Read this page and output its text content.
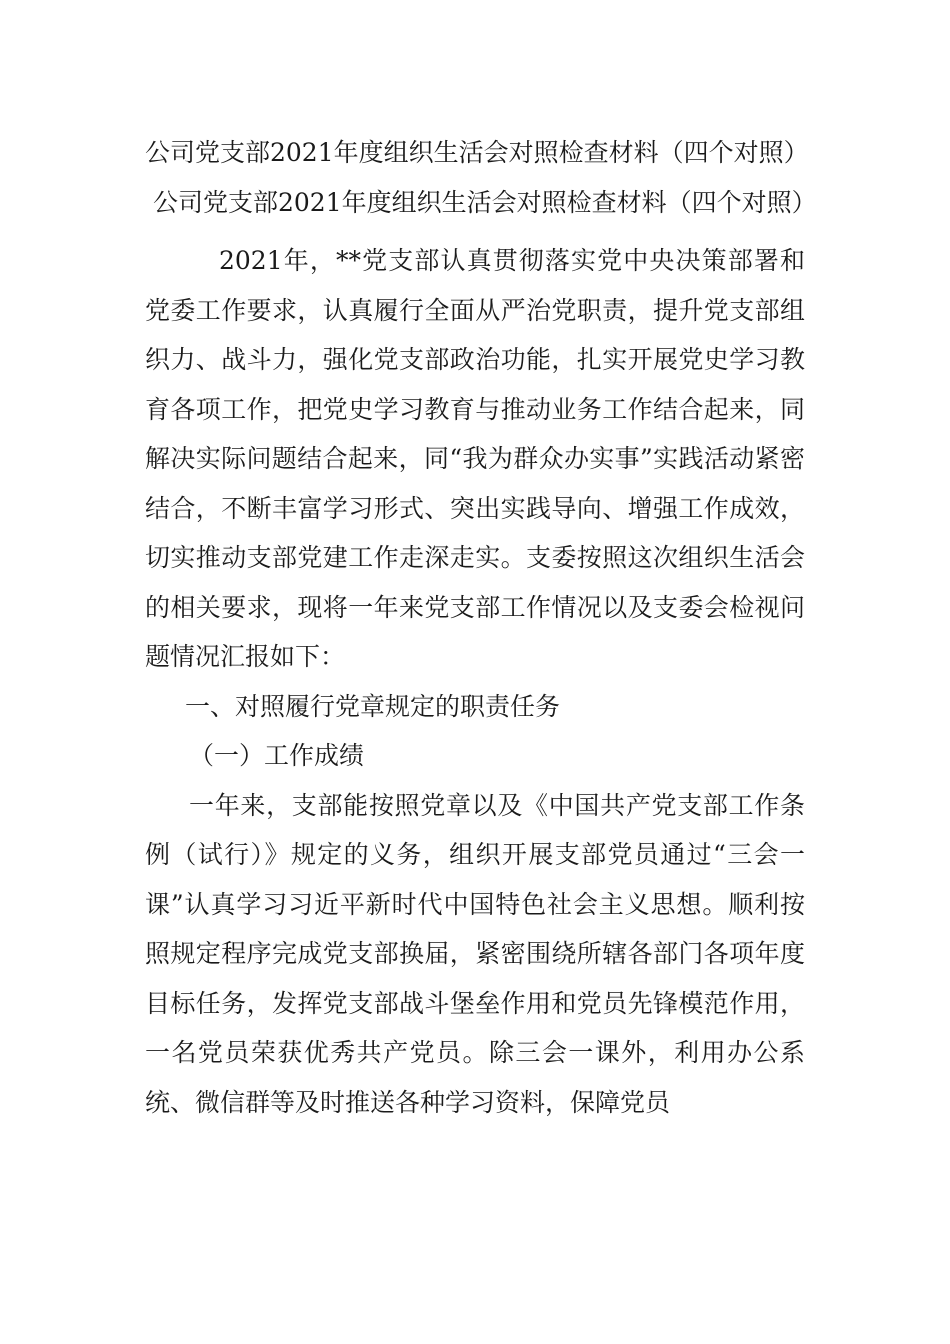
公司党支部2021年度组织生活会对照检查材料（四个对照）

公司党支部2021年度组织生活会对照检查材料（四个对照）

2021年，**党支部认真贯彻落实党中央决策部署和党委工作要求，认真履行全面从严治党职责，提升党支部组织力、战斗力，强化党支部政治功能，扎实开展党史学习教育各项工作，把党史学习教育与推动业务工作结合起来，同解决实际问题结合起来，同“我为群众办实事”实践活动紧密结合，不断丰富学习形式、突出实践导向、增强工作成效，切实推动支部党建工作走深走实。支委按照这次组织生活会的相关要求，现将一年来党支部工作情况以及支委会检视问题情况汇报如下：

一、对照履行党章规定的职责任务

（一）工作成绩

一年来，支部能按照党章以及《中国共产党支部工作条例（试行）》规定的义务，组织开展支部党员通过“三会一课”认真学习习近平新时代中国特色社会主义思想。顺利按照规定程序完成党支部换届，紧密围绕所辖各部门各项年度目标任务，发挥党支部战斗堡垒作用和党员先锋模范作用，一名党员荣获优秀共产党员。除三会一课外，利用办公系统、微信群等及时推送各种学习资料，保障党员
